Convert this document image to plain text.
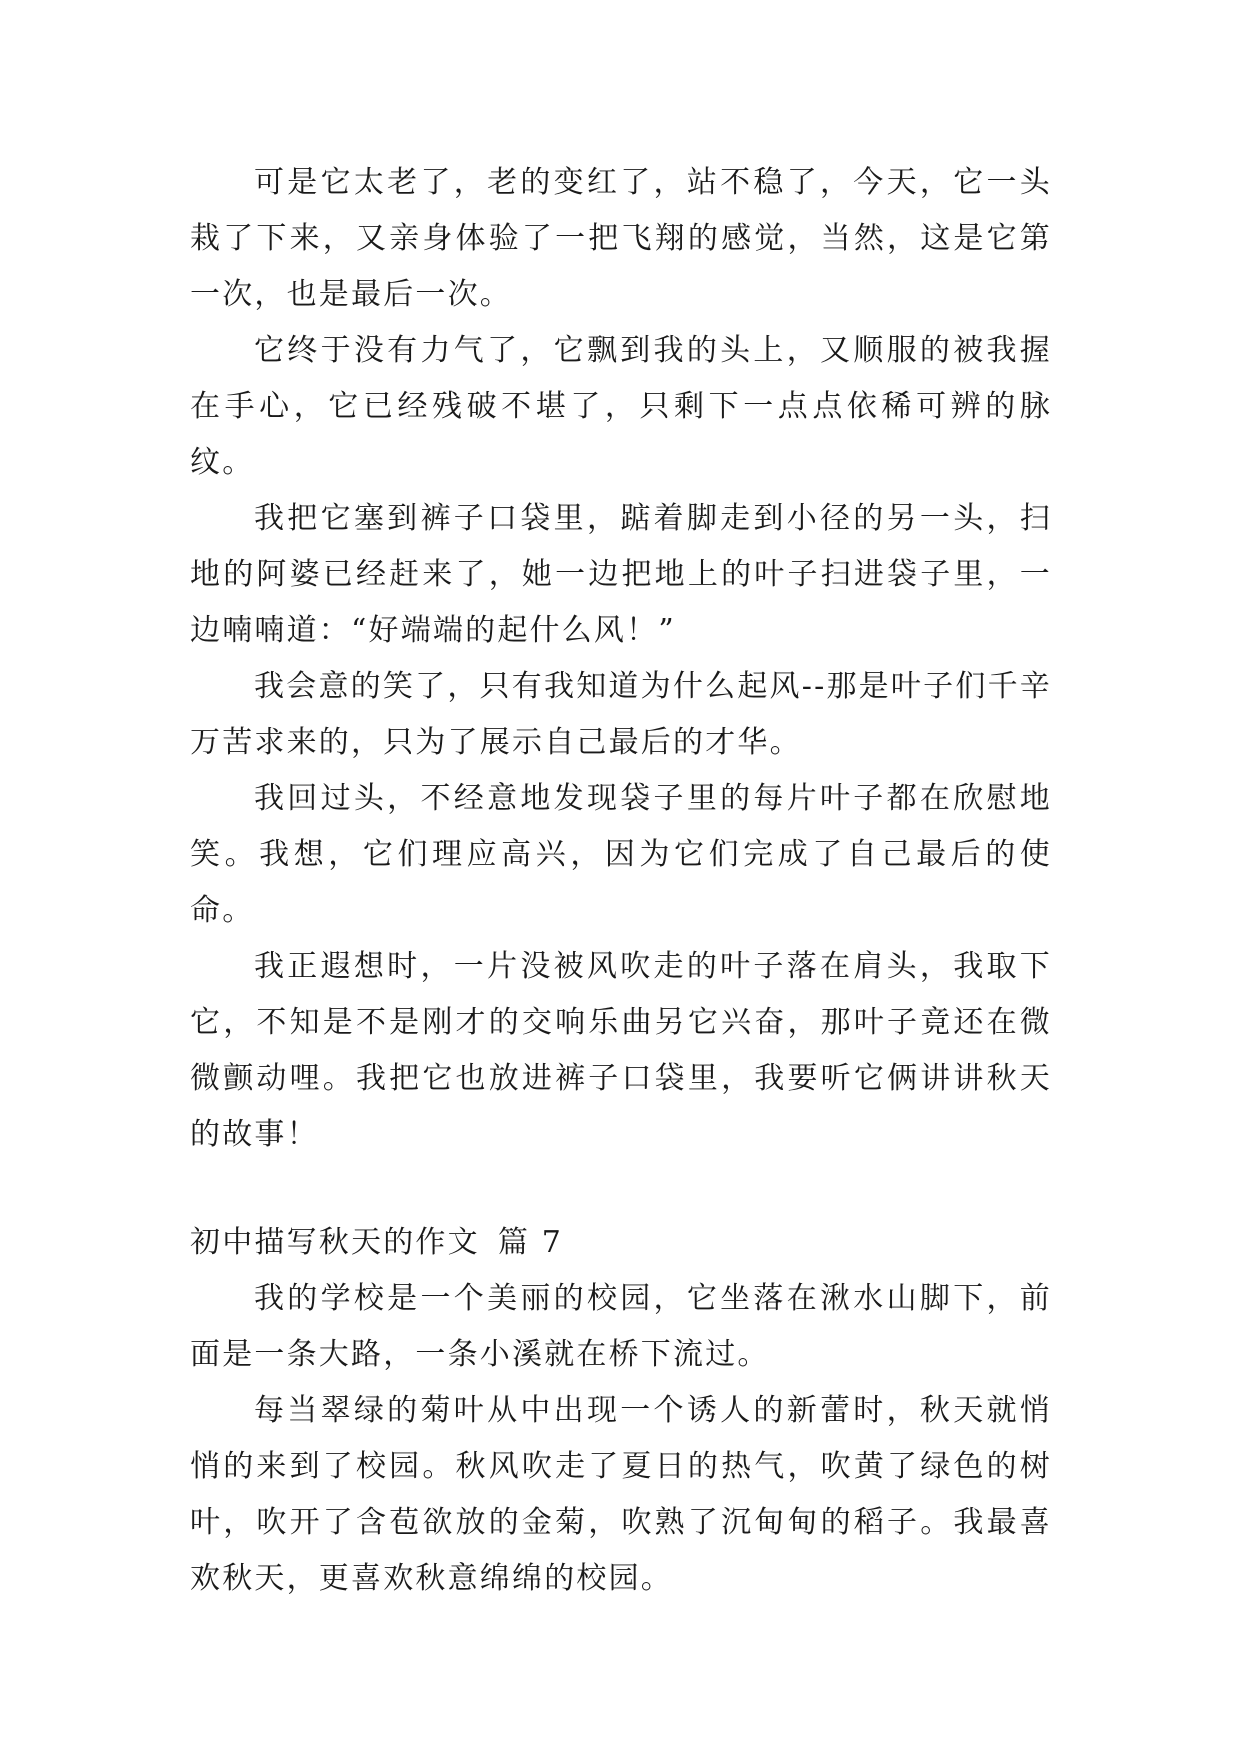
可是它太老了，老的变红了，站不稳了，今天，它一头栽了下来，又亲身体验了一把飞翔的感觉，当然，这是它第一次，也是最后一次。

它终于没有力气了，它飘到我的头上，又顺服的被我握在手心，它已经残破不堪了，只剩下一点点依稀可辨的脉纹。

我把它塞到裤子口袋里，踮着脚走到小径的另一头，扫地的阿婆已经赶来了，她一边把地上的叶子扫进袋子里，一边喃喃道：“好端端的起什么风！”

我会意的笑了，只有我知道为什么起风--那是叶子们千辛万苦求来的，只为了展示自己最后的才华。

我回过头，不经意地发现袋子里的每片叶子都在欣慰地笑。我想，它们理应高兴，因为它们完成了自己最后的使命。

我正遐想时，一片没被风吹走的叶子落在肩头，我取下它，不知是不是刚才的交响乐曲另它兴奋，那叶子竟还在微微颤动哩。我把它也放进裤子口袋里，我要听它俩讲讲秋天的故事！

初中描写秋天的作文 篇 7

我的学校是一个美丽的校园，它坐落在湫水山脚下，前面是一条大路，一条小溪就在桥下流过。

每当翠绿的菊叶从中出现一个诱人的新蕾时，秋天就悄悄的来到了校园。秋风吹走了夏日的热气，吹黄了绿色的树叶，吹开了含苞欲放的金菊，吹熟了沉甸甸的稻子。我最喜欢秋天，更喜欢秋意绵绵的校园。
